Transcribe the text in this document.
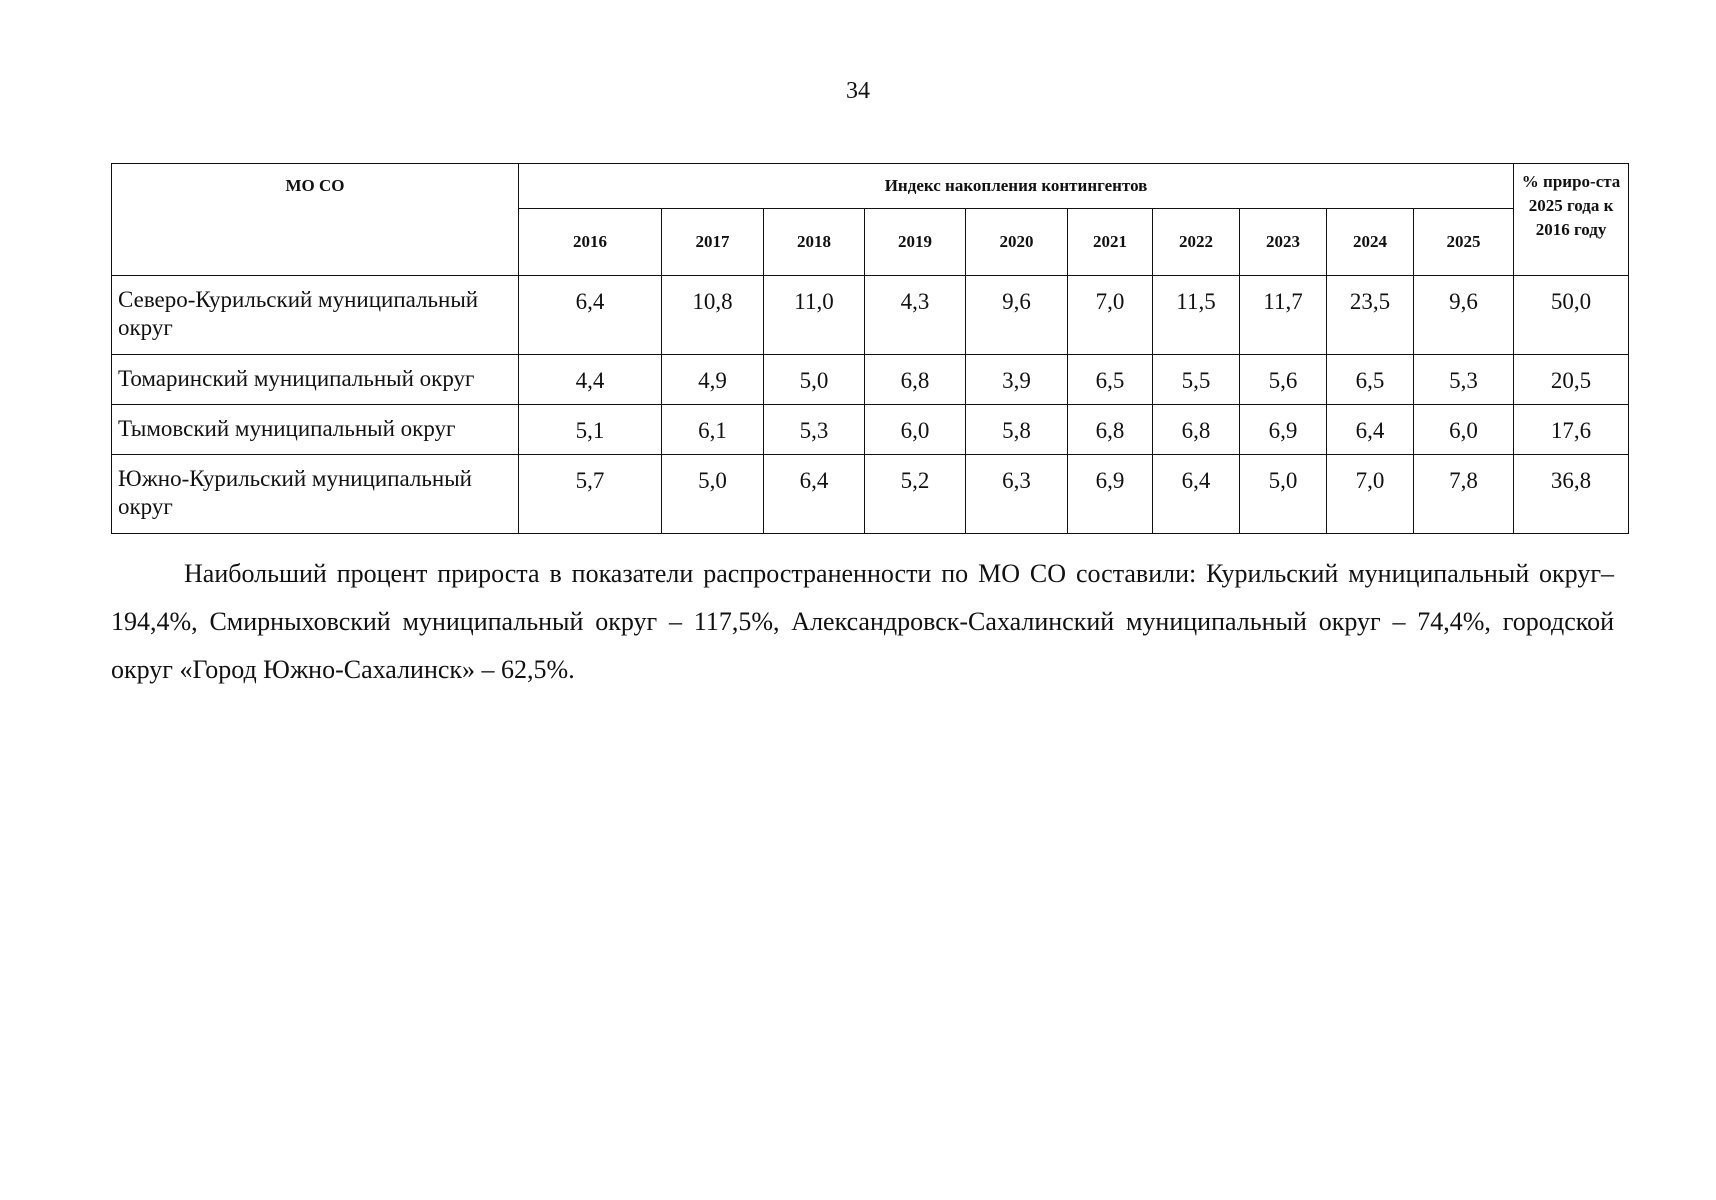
34
МО СО	Индекс накопления контингентов										% приро-ста 2025 года к 2016 году
	2016	2017	2018	2019	2020	2021	2022	2023	2024	2025	
Северо-Курильский муниципальный округ	6,4	10,8	11,0	4,3	9,6	7,0	11,5	11,7	23,5	9,6	50,0
Томаринский муниципальный округ	4,4	4,9	5,0	6,8	3,9	6,5	5,5	5,6	6,5	5,3	20,5
Тымовский муниципальный округ	5,1	6,1	5,3	6,0	5,8	6,8	6,8	6,9	6,4	6,0	17,6
Южно-Курильский муниципальный округ	5,7	5,0	6,4	5,2	6,3	6,9	6,4	5,0	7,0	7,8	36,8

Наибольший процент прироста в показатели распространенности по МО СО составили: Курильский муниципальный округ– 194,4%, Смирныховский муниципальный округ – 117,5%, Александровск-Сахалинский муниципальный округ – 74,4%, городской округ «Город Южно-Сахалинск» – 62,5%.
